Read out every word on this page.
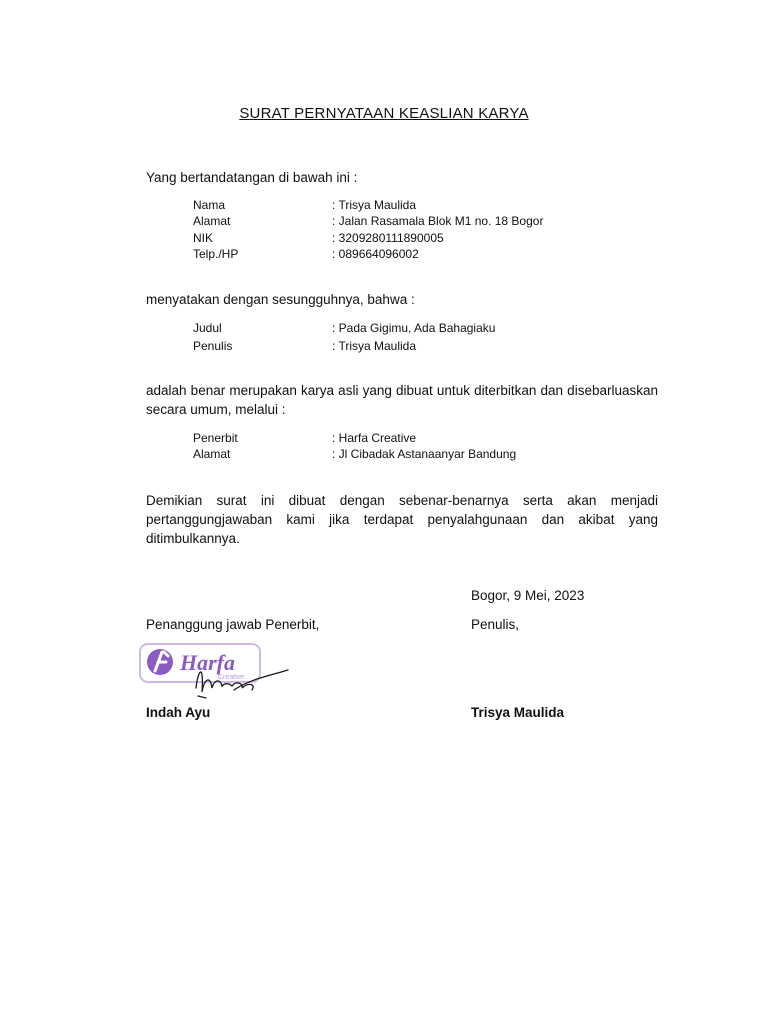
SURAT PERNYATAAN KEASLIAN KARYA
Yang bertandatangan di bawah ini :
Nama	: Trisya Maulida
Alamat	: Jalan Rasamala Blok M1 no. 18 Bogor
NIK	: 3209280111890005
Telp./HP	: 089664096002
menyatakan dengan sesungguhnya, bahwa :
Judul	: Pada Gigimu, Ada Bahagiaku
Penulis	: Trisya Maulida
adalah benar merupakan karya asli yang dibuat untuk diterbitkan dan disebarluaskan secara umum, melalui :
Penerbit	: Harfa Creative
Alamat	: Jl Cibadak Astanaanyar Bandung
Demikian surat ini dibuat dengan sebenar-benarnya serta akan menjadi pertanggungjawaban kami jika terdapat penyalahgunaan dan akibat yang ditimbulkannya.
Bogor, 9 Mei, 2023
Penanggung jawab Penerbit,	Penulis,
Harfa
Creative
Indah Ayu	Trisya Maulida
